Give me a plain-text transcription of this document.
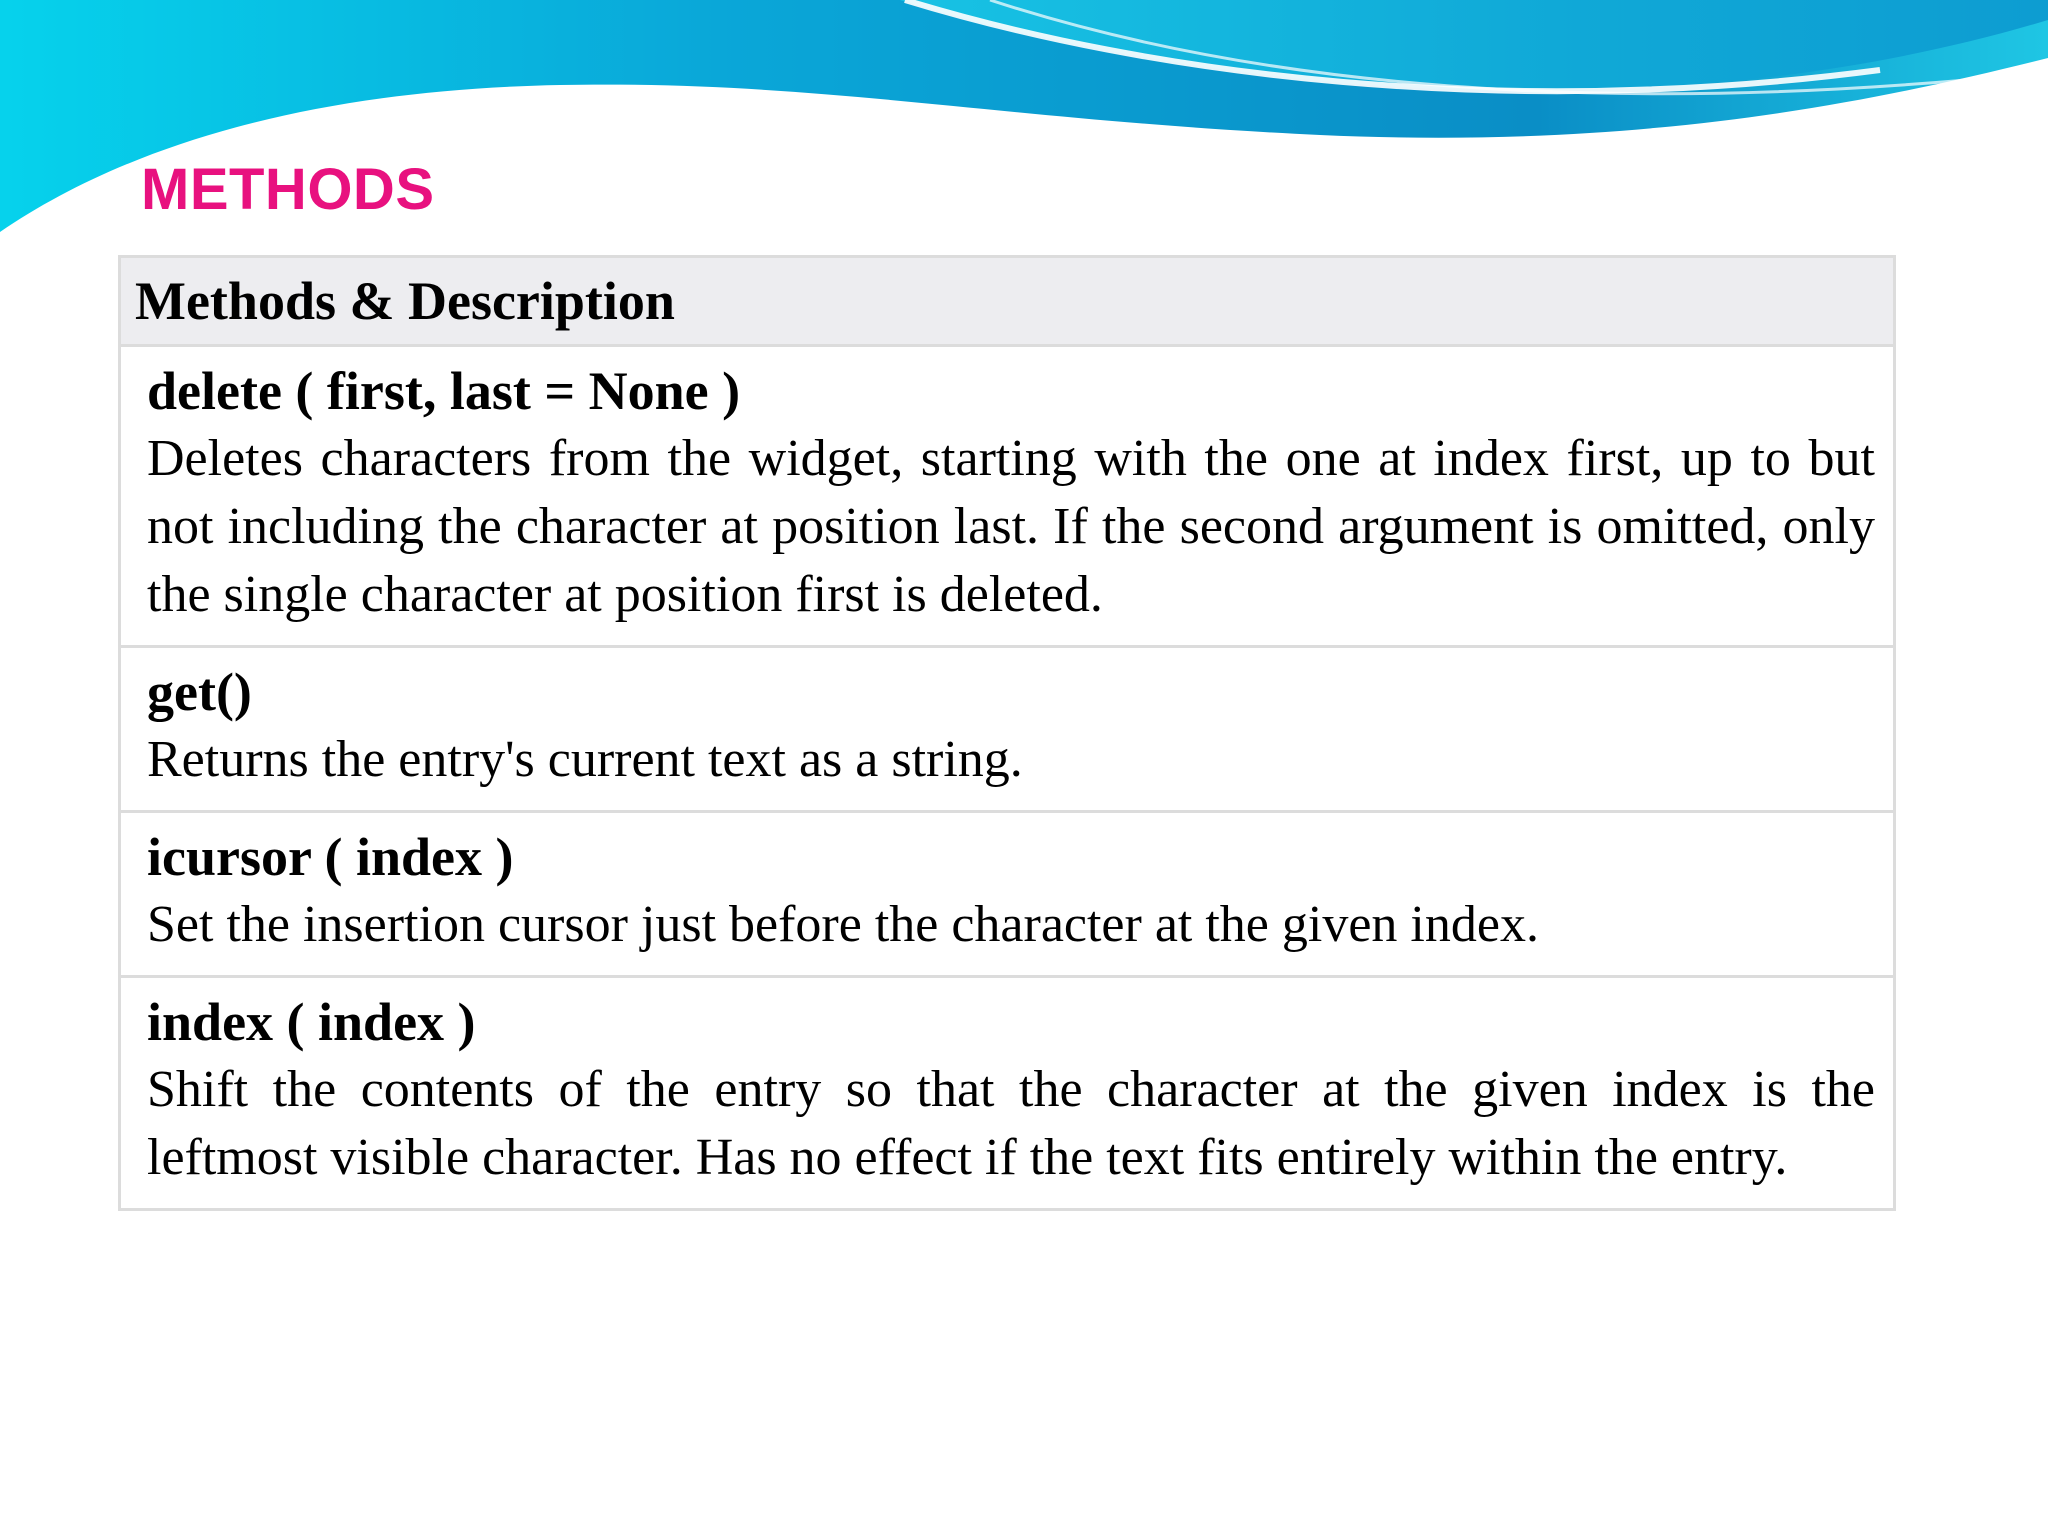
METHODS
Methods & Description

delete ( first, last = None )
Deletes characters from the widget, starting with the one at index first, up to but not including the character at position last. If the second argument is omitted, only the single character at position first is deleted.

get()
Returns the entry's current text as a string.

icursor ( index )
Set the insertion cursor just before the character at the given index.

index ( index )
Shift the contents of the entry so that the character at the given index is the leftmost visible character. Has no effect if the text fits entirely within the entry.
